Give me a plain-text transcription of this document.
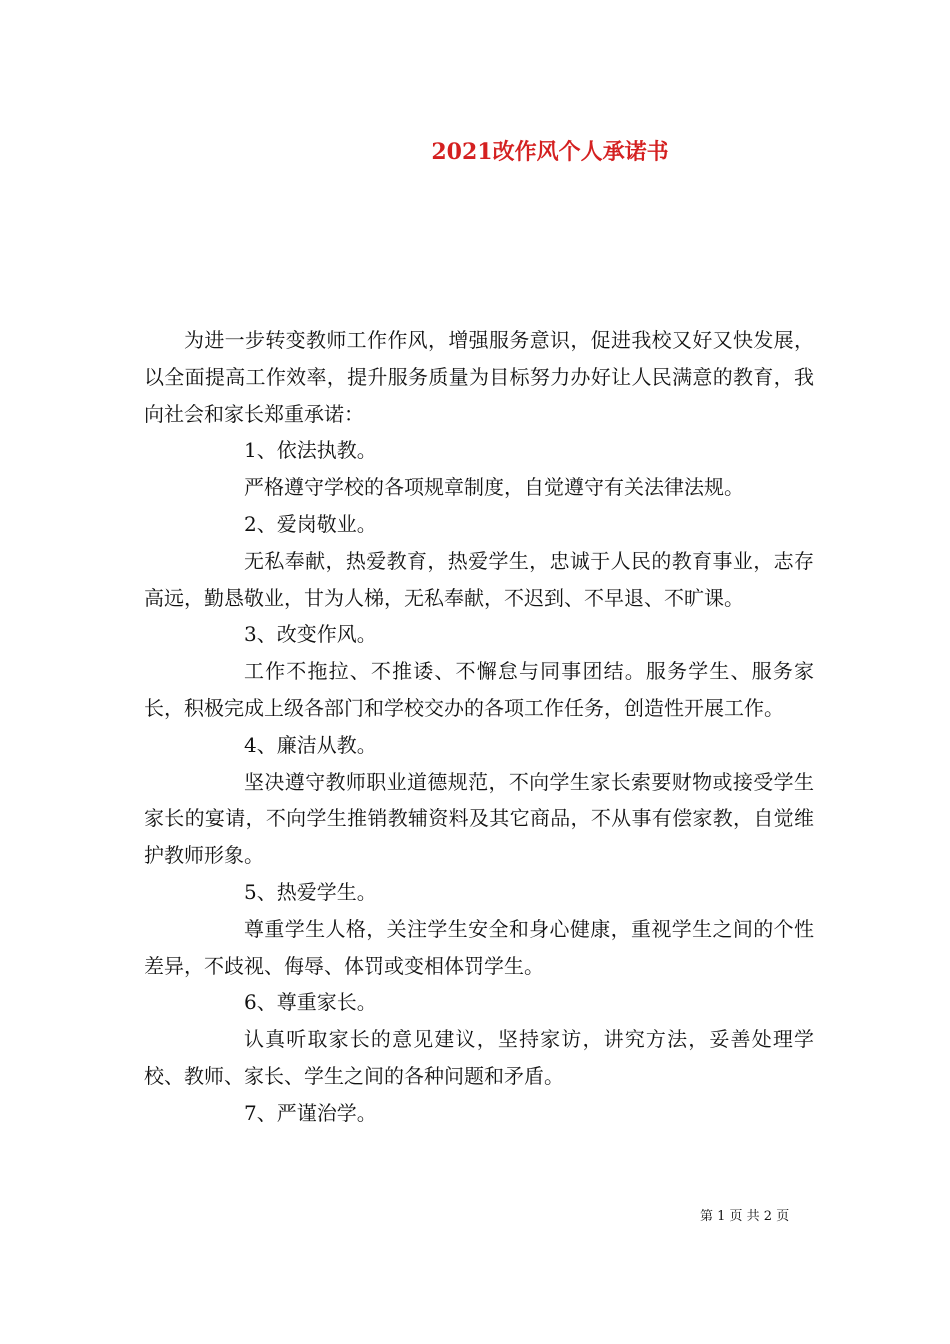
2021改作风个人承诺书

为进一步转变教师工作作风，增强服务意识，促进我校又好又快发展，以全面提高工作效率，提升服务质量为目标努力办好让人民满意的教育，我向社会和家长郑重承诺：

1、依法执教。

严格遵守学校的各项规章制度，自觉遵守有关法律法规。

2、爱岗敬业。

无私奉献，热爱教育，热爱学生，忠诚于人民的教育事业，志存高远，勤恳敬业，甘为人梯，无私奉献，不迟到、不早退、不旷课。

3、改变作风。

工作不拖拉、不推诿、不懈怠与同事团结。服务学生、服务家长，积极完成上级各部门和学校交办的各项工作任务，创造性开展工作。

4、廉洁从教。

坚决遵守教师职业道德规范，不向学生家长索要财物或接受学生家长的宴请，不向学生推销教辅资料及其它商品，不从事有偿家教，自觉维护教师形象。

5、热爱学生。

尊重学生人格，关注学生安全和身心健康，重视学生之间的个性差异，不歧视、侮辱、体罚或变相体罚学生。

6、尊重家长。

认真听取家长的意见建议，坚持家访，讲究方法，妥善处理学校、教师、家长、学生之间的各种问题和矛盾。

7、严谨治学。

第 1 页 共 2 页
